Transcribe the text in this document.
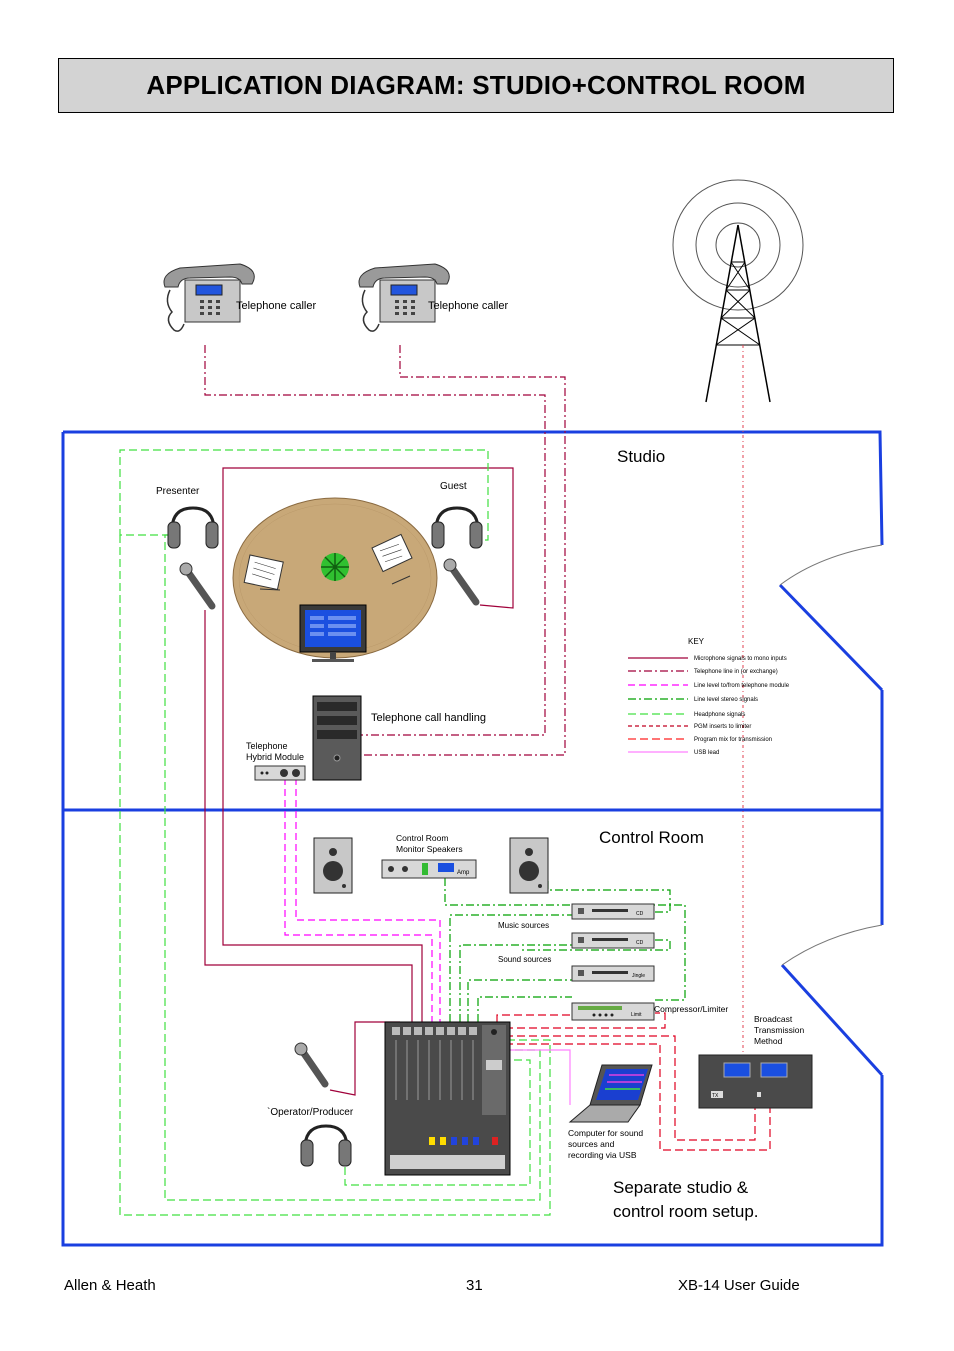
APPLICATION DIAGRAM: STUDIO+CONTROL ROOM
Telephone caller	Telephone caller
Studio
Presenter	Guest
Telephone call handling
Telephone Hybrid Module
KEY
Microphone signals to mono inputs
Telephone line in (or exchange)
Line level to/from telephone module
Line level stereo signals
Headphone signals
PGM inserts to limiter
Program mix for transmission
USB lead
Control Room
Control Room Monitor Speakers
Amp
CD
CD
Jingle
Limit
Music sources
Sound sources
Compressor/Limiter
Broadcast Transmission Method
TX
Computer for sound sources and recording via USB
`Operator/Producer
Separate studio & control room setup.
Allen & Heath	31	XB-14 User Guide
